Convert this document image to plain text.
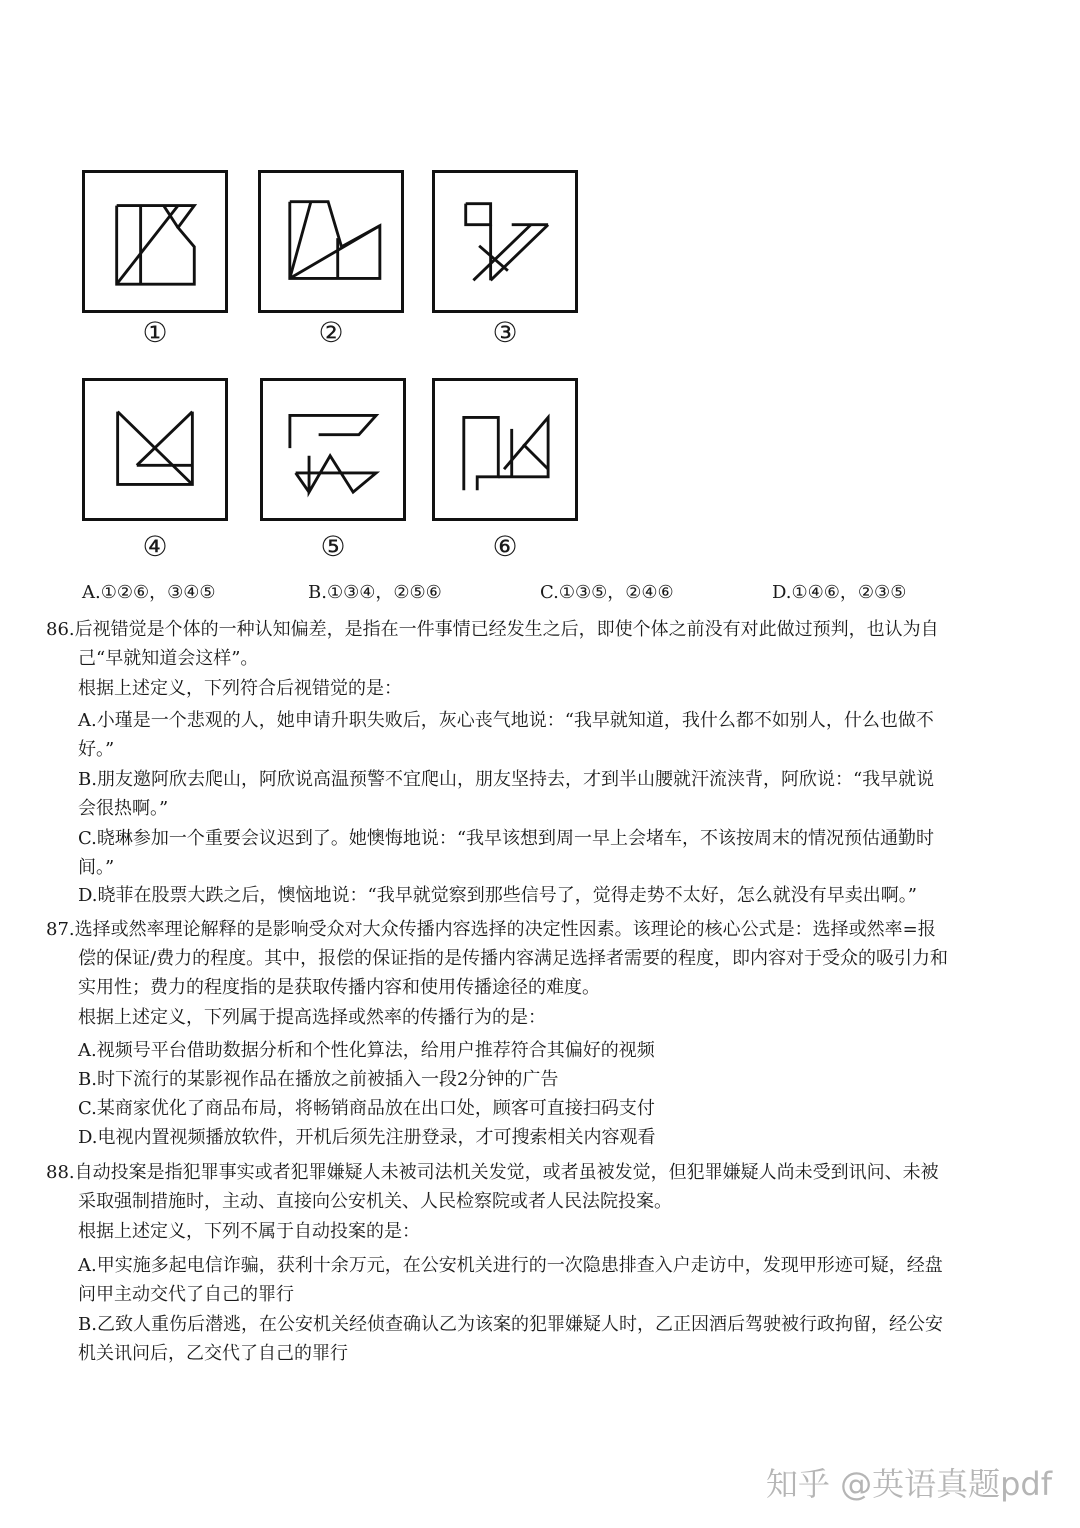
①	②	③
④	⑤	⑥
A.①②⑥，③④⑤	B.①③④，②⑤⑥	C.①③⑤，②④⑥	D.①④⑥，②③⑤
86.后视错觉是个体的一种认知偏差，是指在一件事情已经发生之后，即使个体之前没有对此做过预判，也认为自
己“早就知道会这样”。
根据上述定义，下列符合后视错觉的是：
A.小瑾是一个悲观的人，她申请升职失败后，灰心丧气地说：“我早就知道，我什么都不如别人，什么也做不
好。”
B.朋友邀阿欣去爬山，阿欣说高温预警不宜爬山，朋友坚持去，才到半山腰就汗流浃背，阿欣说：“我早就说
会很热啊。”
C.晓琳参加一个重要会议迟到了。她懊悔地说：“我早该想到周一早上会堵车，不该按周末的情况预估通勤时
间。”
D.晓菲在股票大跌之后，懊恼地说：“我早就觉察到那些信号了，觉得走势不太好，怎么就没有早卖出啊。”
87.选择或然率理论解释的是影响受众对大众传播内容选择的决定性因素。该理论的核心公式是：选择或然率=报
偿的保证/费力的程度。其中，报偿的保证指的是传播内容满足选择者需要的程度，即内容对于受众的吸引力和
实用性；费力的程度指的是获取传播内容和使用传播途径的难度。
根据上述定义，下列属于提高选择或然率的传播行为的是：
A.视频号平台借助数据分析和个性化算法，给用户推荐符合其偏好的视频
B.时下流行的某影视作品在播放之前被插入一段2分钟的广告
C.某商家优化了商品布局，将畅销商品放在出口处，顾客可直接扫码支付
D.电视内置视频播放软件，开机后须先注册登录，才可搜索相关内容观看
88.自动投案是指犯罪事实或者犯罪嫌疑人未被司法机关发觉，或者虽被发觉，但犯罪嫌疑人尚未受到讯问、未被
采取强制措施时，主动、直接向公安机关、人民检察院或者人民法院投案。
根据上述定义，下列不属于自动投案的是：
A.甲实施多起电信诈骗，获利十余万元，在公安机关进行的一次隐患排查入户走访中，发现甲形迹可疑，经盘
问甲主动交代了自己的罪行
B.乙致人重伤后潜逃，在公安机关经侦查确认乙为该案的犯罪嫌疑人时，乙正因酒后驾驶被行政拘留，经公安
机关讯问后，乙交代了自己的罪行
知乎 @英语真题pdf
